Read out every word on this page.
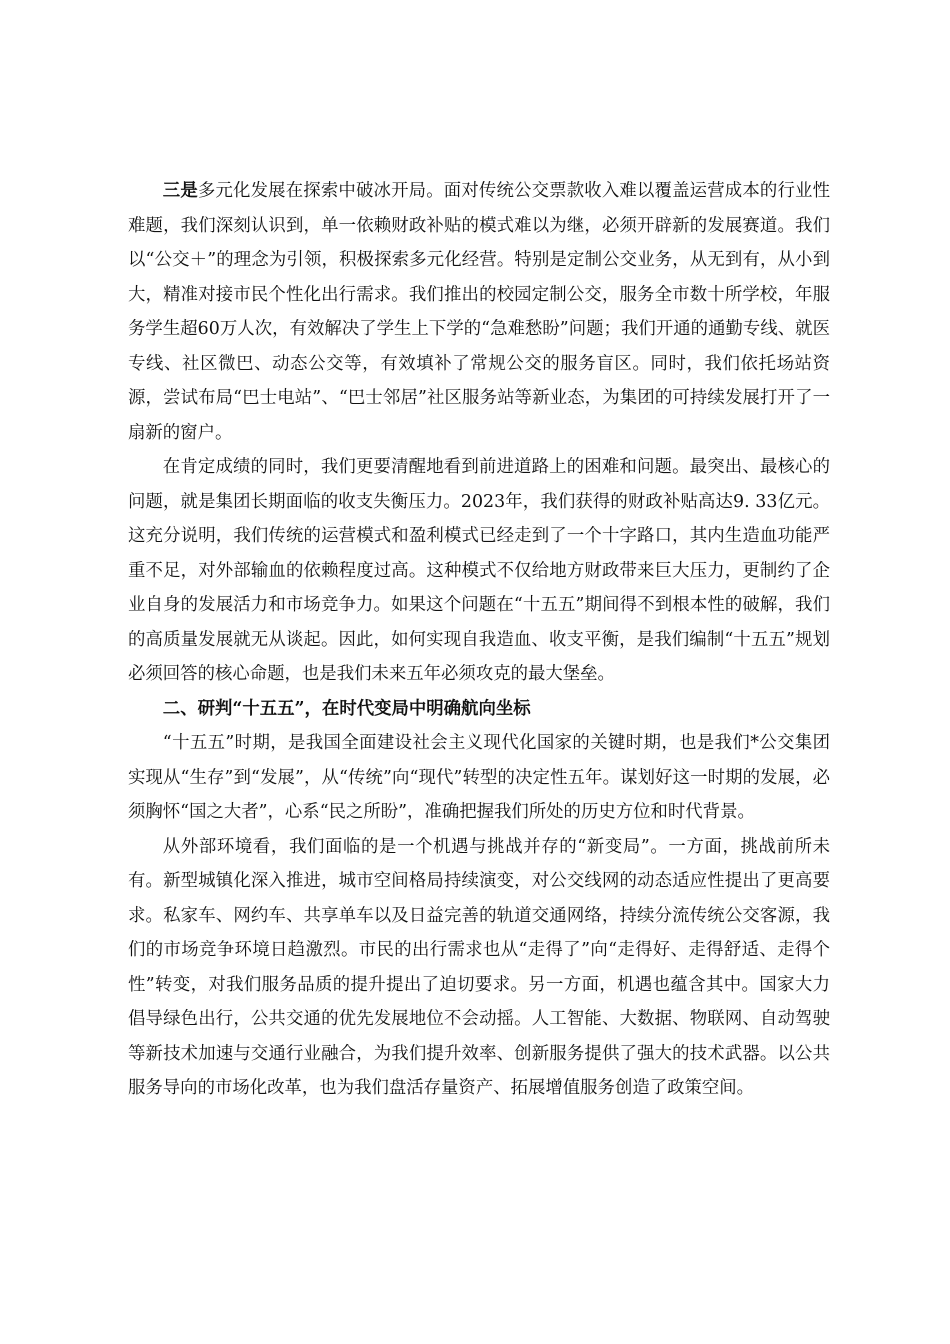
三是多元化发展在探索中破冰开局。面对传统公交票款收入难以覆盖运营成本的行业性难题，我们深刻认识到，单一依赖财政补贴的模式难以为继，必须开辟新的发展赛道。我们以“公交＋”的理念为引领，积极探索多元化经营。特别是定制公交业务，从无到有，从小到大，精准对接市民个性化出行需求。我们推出的校园定制公交，服务全市数十所学校，年服务学生超60万人次，有效解决了学生上下学的“急难愁盼”问题；我们开通的通勤专线、就医专线、社区微巴、动态公交等，有效填补了常规公交的服务盲区。同时，我们依托场站资源，尝试布局“巴士电站”、“巴士邻居”社区服务站等新业态，为集团的可持续发展打开了一扇新的窗户。

在肯定成绩的同时，我们更要清醒地看到前进道路上的困难和问题。最突出、最核心的问题，就是集团长期面临的收支失衡压力。2023年，我们获得的财政补贴高达9. 33亿元。这充分说明，我们传统的运营模式和盈利模式已经走到了一个十字路口，其内生造血功能严重不足，对外部输血的依赖程度过高。这种模式不仅给地方财政带来巨大压力，更制约了企业自身的发展活力和市场竞争力。如果这个问题在“十五五”期间得不到根本性的破解，我们的高质量发展就无从谈起。因此，如何实现自我造血、收支平衡，是我们编制“十五五”规划必须回答的核心命题，也是我们未来五年必须攻克的最大堡垒。

二、研判“十五五”，在时代变局中明确航向坐标

“十五五”时期，是我国全面建设社会主义现代化国家的关键时期，也是我们*公交集团实现从“生存”到“发展”，从“传统”向“现代”转型的决定性五年。谋划好这一时期的发展，必须胸怀“国之大者”，心系“民之所盼”，准确把握我们所处的历史方位和时代背景。

从外部环境看，我们面临的是一个机遇与挑战并存的“新变局”。一方面，挑战前所未有。新型城镇化深入推进，城市空间格局持续演变，对公交线网的动态适应性提出了更高要求。私家车、网约车、共享单车以及日益完善的轨道交通网络，持续分流传统公交客源，我们的市场竞争环境日趋激烈。市民的出行需求也从“走得了”向“走得好、走得舒适、走得个性”转变，对我们服务品质的提升提出了迫切要求。另一方面，机遇也蕴含其中。国家大力倡导绿色出行，公共交通的优先发展地位不会动摇。人工智能、大数据、物联网、自动驾驶等新技术加速与交通行业融合，为我们提升效率、创新服务提供了强大的技术武器。以公共服务导向的市场化改革，也为我们盘活存量资产、拓展增值服务创造了政策空间。
